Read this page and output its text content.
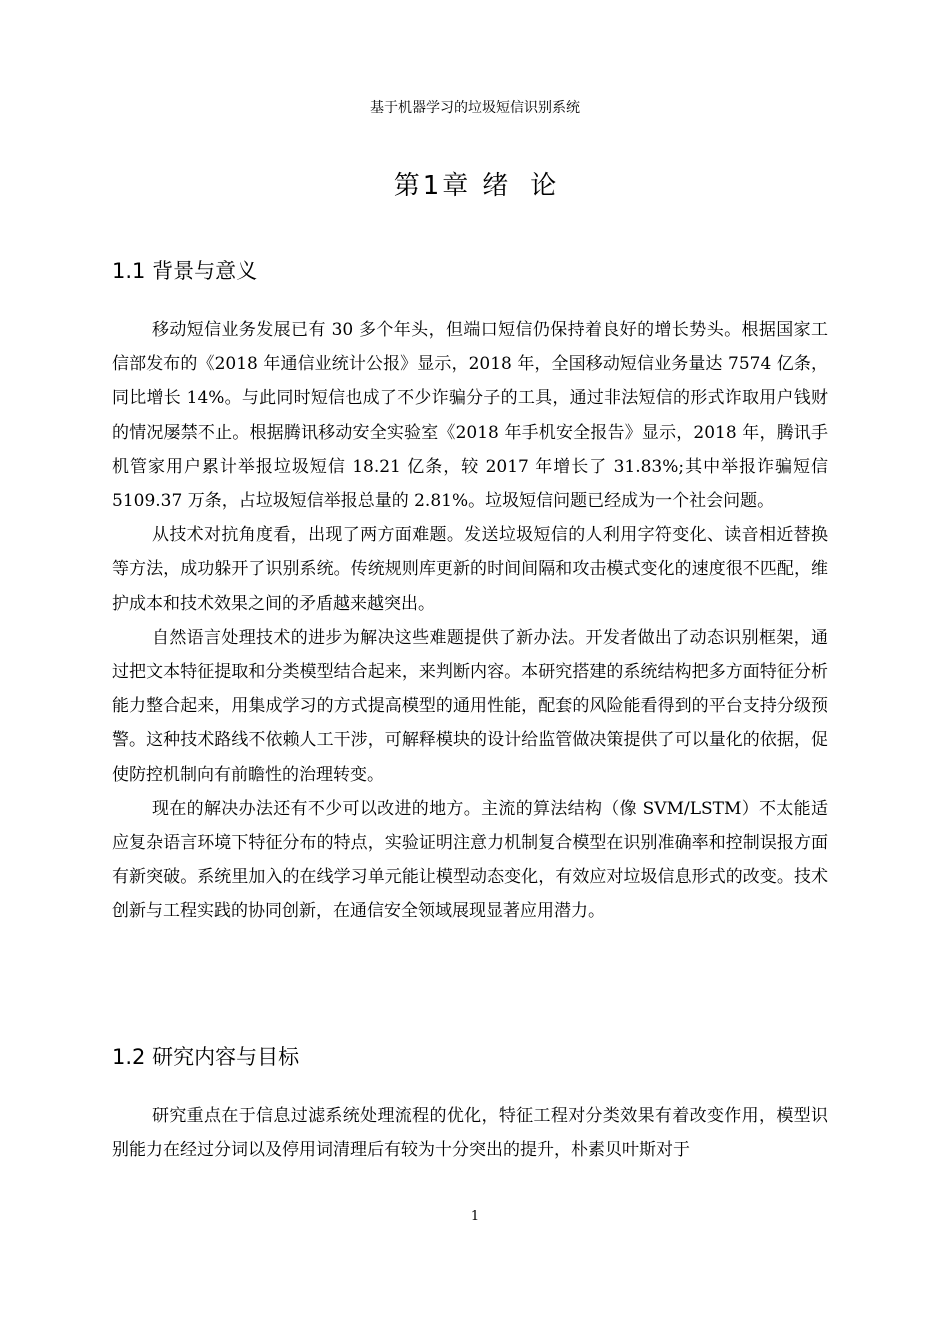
基于机器学习的垃圾短信识别系统
第 1 章 绪 论
1.1 背景与意义

移动短信业务发展已有 30 多个年头，但端口短信仍保持着良好的增长势头。根据国家工信部发布的《2018 年通信业统计公报》显示，2018 年，全国移动短信业务量达 7574 亿条，同比增长 14%。与此同时短信也成了不少诈骗分子的工具，通过非法短信的形式诈取用户钱财的情况屡禁不止。根据腾讯移动安全实验室《2018 年手机安全报告》显示，2018 年，腾讯手机管家用户累计举报垃圾短信 18.21 亿条，较 2017 年增长了 31.83%;其中举报诈骗短信 5109.37 万条，占垃圾短信举报总量的 2.81%。垃圾短信问题已经成为一个社会问题。

从技术对抗角度看，出现了两方面难题。发送垃圾短信的人利用字符变化、读音相近替换等方法，成功躲开了识别系统。传统规则库更新的时间间隔和攻击模式变化的速度很不匹配，维护成本和技术效果之间的矛盾越来越突出。

自然语言处理技术的进步为解决这些难题提供了新办法。开发者做出了动态识别框架，通过把文本特征提取和分类模型结合起来，来判断内容。本研究搭建的系统结构把多方面特征分析能力整合起来，用集成学习的方式提高模型的通用性能，配套的风险能看得到的平台支持分级预警。这种技术路线不依赖人工干涉，可解释模块的设计给监管做决策提供了可以量化的依据，促使防控机制向有前瞻性的治理转变。

现在的解决办法还有不少可以改进的地方。主流的算法结构（像 SVM/LSTM）不太能适应复杂语言环境下特征分布的特点，实验证明注意力机制复合模型在识别准确率和控制误报方面有新突破。系统里加入的在线学习单元能让模型动态变化，有效应对垃圾信息形式的改变。技术创新与工程实践的协同创新，在通信安全领域展现显著应用潜力。

1.2 研究内容与目标

研究重点在于信息过滤系统处理流程的优化，特征工程对分类效果有着改变作用，模型识别能力在经过分词以及停用词清理后有较为十分突出的提升，朴素贝叶斯对于

1
